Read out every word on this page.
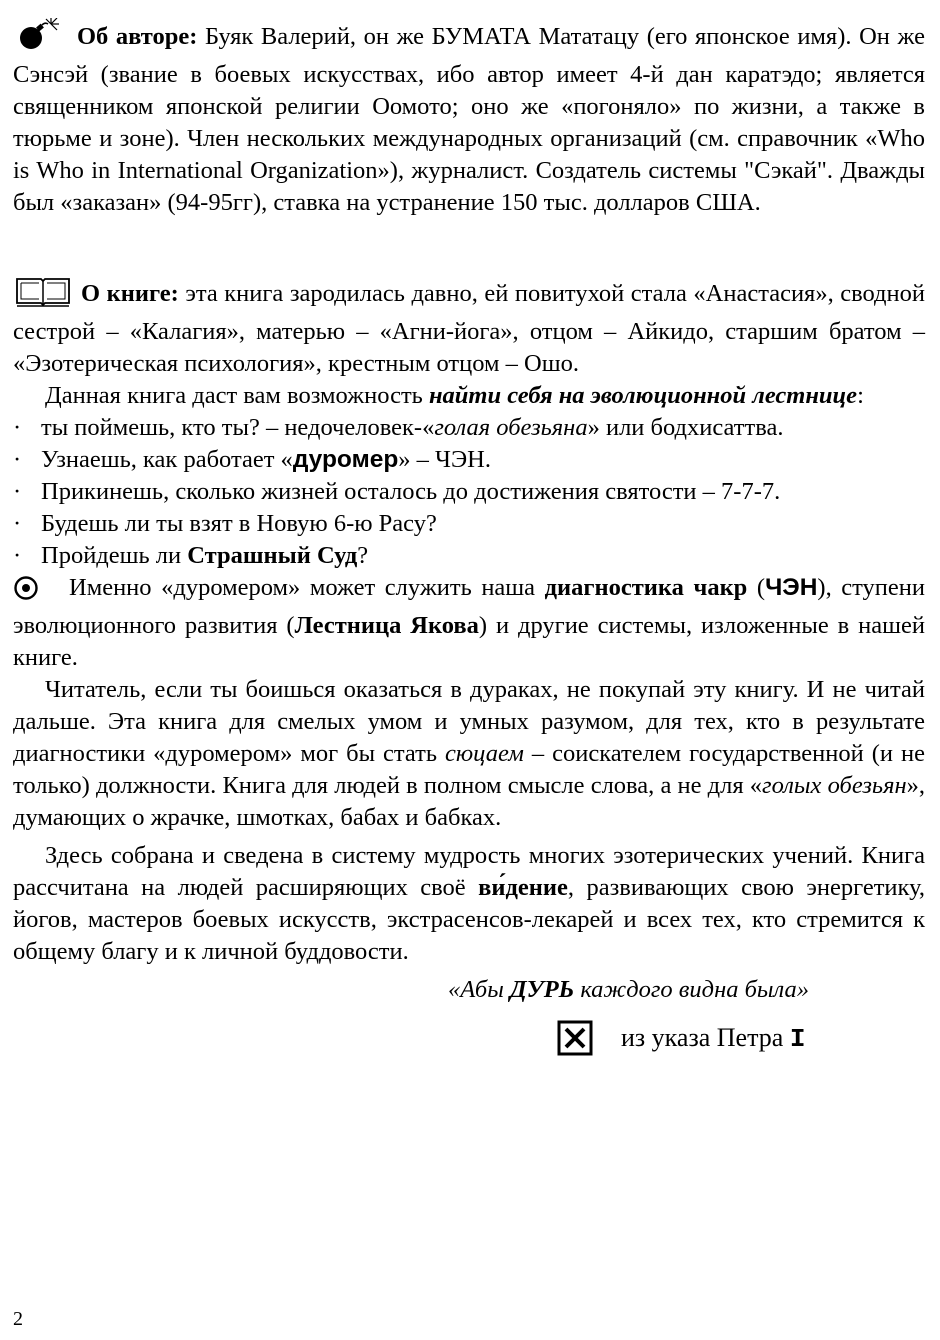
Об авторе: Буяк Валерий, он же БУМАТА Мататацу (его японское имя). Он же Сэнсэй (звание в боевых искусствах, ибо автор имеет 4-й дан каратэдо; является священником японской религии Оомото; оно же «погоняло» по жизни, а также в тюрьме и зоне). Член нескольких международных организаций (см. справочник «Who is Who in International Organization»), журналист. Создатель системы "Сэкай". Дважды был «заказан» (94-95гг), ставка на устранение 150 тыс. долларов США.

О книге: эта книга зародилась давно, ей повитухой стала «Анастасия», сводной сестрой – «Калагия», матерью – «Агни-йога», отцом – Айкидо, старшим братом – «Эзотерическая психология», крестным отцом – Ошо.

Данная книга даст вам возможность найти себя на эволюционной лестнице:

· ты поймешь, кто ты? – недочеловек-«голая обезьяна» или бодхисаттва.

· Узнаешь, как работает «дуромер» – ЧЭН.

· Прикинешь, сколько жизней осталось до достижения святости – 7-7-7.

· Будешь ли ты взят в Новую 6-ю Расу?

· Пройдешь ли Страшный Суд?

Именно «дуромером» может служить наша диагностика чакр (ЧЭН), ступени эволюционного развития (Лестница Якова) и другие системы, изложенные в нашей книге.

Читатель, если ты боишься оказаться в дураках, не покупай эту книгу. И не читай дальше. Эта книга для смелых умом и умных разумом, для тех, кто в результате диагностики «дуромером» мог бы стать сюцаем – соискателем государственной (и не только) должности. Книга для людей в полном смысле слова, а не для «голых обезьян», думающих о жрачке, шмотках, бабах и бабках.

Здесь собрана и сведена в систему мудрость многих эзотерических учений. Книга рассчитана на людей расширяющих своё ви́дение, развивающих свою энергетику, йогов, мастеров боевых искусств, экстрасенсов-лекарей и всех тех, кто стремится к общему благу и к личной буддовости.

«Абы ДУРЬ каждого видна была»

из указа Петра I
2
